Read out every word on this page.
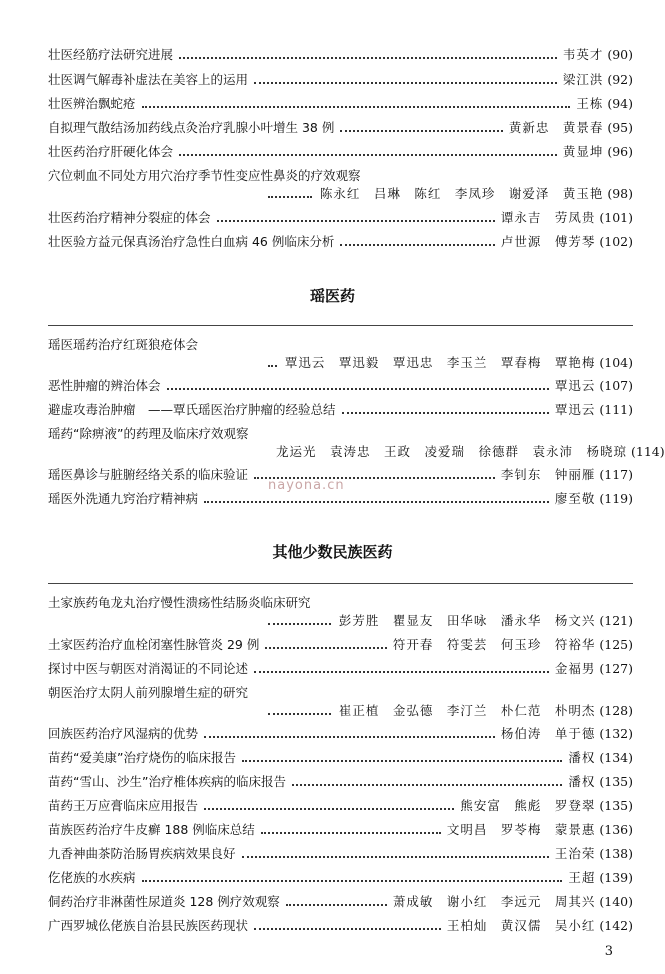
壮医经筋疗法研究进展	韦英才 (90)
壮医调气解毒补虚法在美容上的运用	梁江洪 (92)
壮医辨治飘蛇疮	王栋 (94)
自拟理气散结汤加药线点灸治疗乳腺小叶增生 38 例	黄新忠　黄景春 (95)
壮医药治疗肝硬化体会	黄显坤 (96)
穴位刺血不同处方用穴治疗季节性变应性鼻炎的疗效观察
陈永红　吕琳　陈红　李凤珍　谢爱泽　黄玉艳 (98)
壮医药治疗精神分裂症的体会	谭永吉　劳凤贵 (101)
壮医验方益元保真汤治疗急性白血病 46 例临床分析	卢世源　傅芳琴 (102)
瑶医药
瑶医瑶药治疗红斑狼疮体会
覃迅云　覃迅毅　覃迅忠　李玉兰　覃春梅　覃艳梅 (104)
恶性肿瘤的辨治体会	覃迅云 (107)
避虚攻毒治肿瘤　——覃氏瑶医治疗肿瘤的经验总结	覃迅云 (111)
瑶药“除痹液”的药理及临床疗效观察
龙运光　袁涛忠　王政　凌爱瑞　徐德群　袁永沛　杨晓琼 (114)
瑶医鼻诊与脏腑经络关系的临床验证	李钊东　钟丽雁 (117)
瑶医外洗通九窍治疗精神病	廖至敬 (119)
nayona.cn
其他少数民族医药
土家族药龟龙丸治疗慢性溃疡性结肠炎临床研究
彭芳胜　瞿显友　田华咏　潘永华　杨文兴 (121)
土家医药治疗血栓闭塞性脉管炎 29 例	符开春　符雯芸　何玉珍　符裕华 (125)
探讨中医与朝医对消渴证的不同论述	金福男 (127)
朝医治疗太阴人前列腺增生症的研究
崔正植　金弘德　李汀兰　朴仁范　朴明杰 (128)
回族医药治疗风湿病的优势	杨伯涛　单于德 (132)
苗药“爱美康”治疗烧伤的临床报告	潘权 (134)
苗药“雪山、沙生”治疗椎体疾病的临床报告	潘权 (135)
苗药王万应膏临床应用报告	熊安富　熊彪　罗登翠 (135)
苗族医药治疗牛皮癣 188 例临床总结	文明昌　罗苓梅　蒙景惠 (136)
九香神曲茶防治肠胃疾病效果良好	王治荣 (138)
仡佬族的水疾病	王超 (139)
侗药治疗非淋菌性尿道炎 128 例疗效观察	萧成敏　谢小红　李远元　周其兴 (140)
广西罗城仫佬族自治县民族医药现状	王柏灿　黄汉儒　吴小红 (142)
3
